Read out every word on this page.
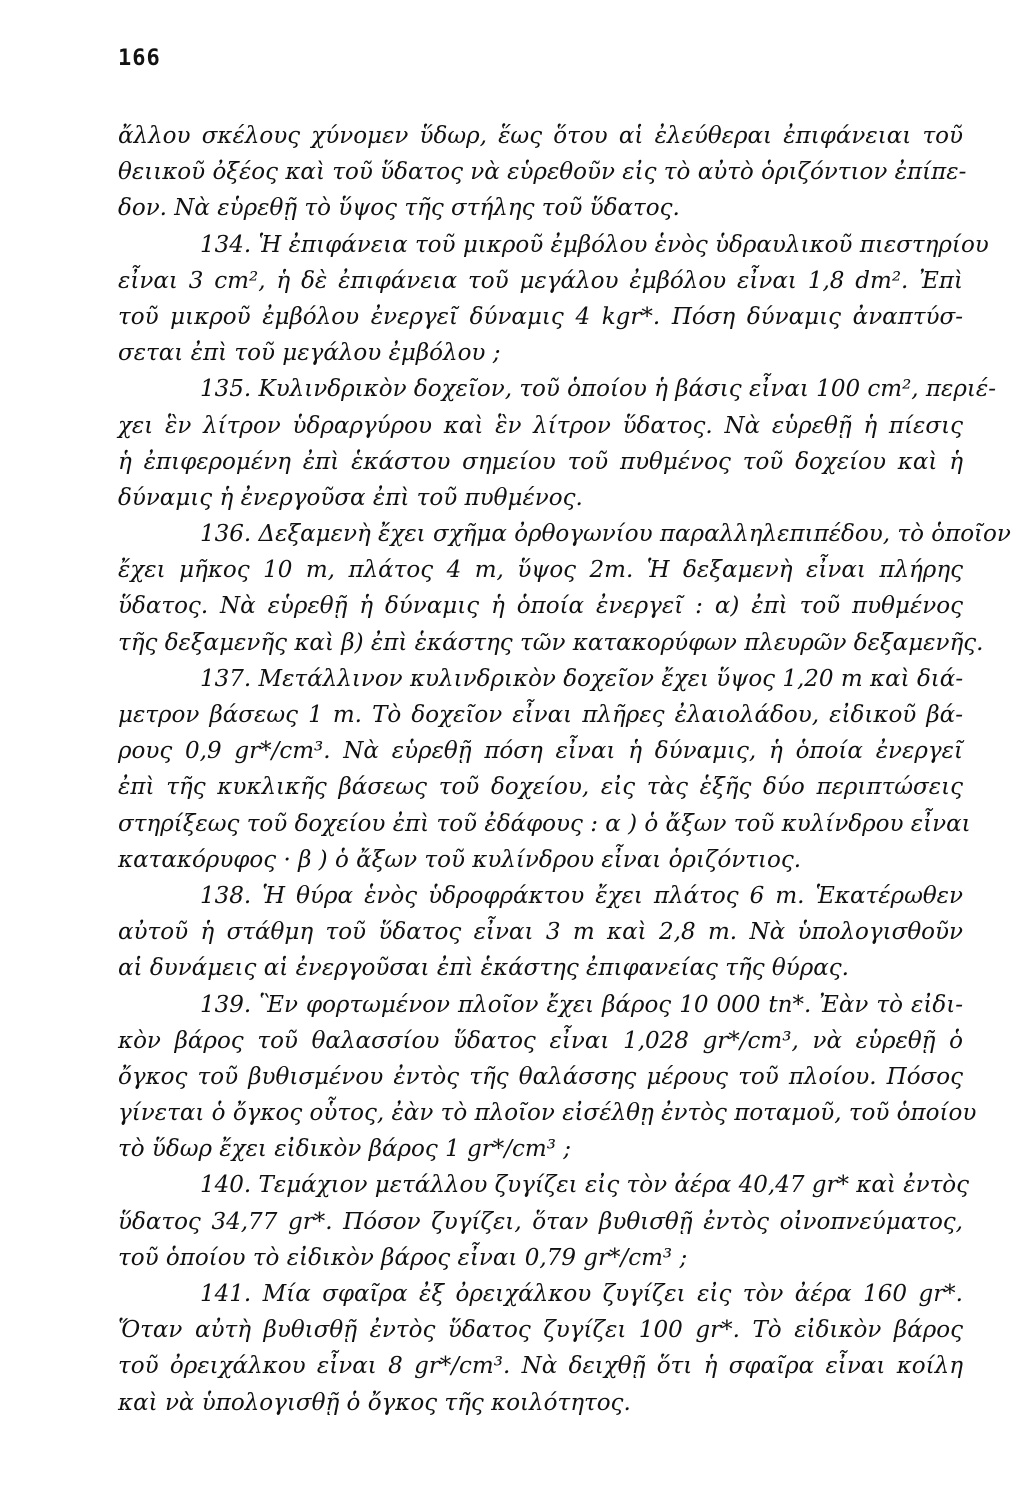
166
ἄλλου σκέλους χύνομεν ὕδωρ, ἕως ὅτου αἱ ἐλεύθεραι ἐπιφάνειαι τοῦ
θειικοῦ ὀξέος καὶ τοῦ ὕδατος νὰ εὑρεθοῦν εἰς τὸ αὐτὸ ὁριζόντιον ἐπίπε-
δον. Νὰ εὑρεθῇ τὸ ὕψος τῆς στήλης τοῦ ὕδατος.
134. Ἡ ἐπιφάνεια τοῦ μικροῦ ἐμβόλου ἑνὸς ὑδραυλικοῦ πιεστηρίου
εἶναι 3 cm², ἡ δὲ ἐπιφάνεια τοῦ μεγάλου ἐμβόλου εἶναι 1,8 dm². Ἐπὶ
τοῦ μικροῦ ἐμβόλου ἐνεργεῖ δύναμις 4 kgr*. Πόση δύναμις ἀναπτύσ-
σεται ἐπὶ τοῦ μεγάλου ἐμβόλου ;
135. Κυλινδρικὸν δοχεῖον, τοῦ ὁποίου ἡ βάσις εἶναι 100 cm², περιέ-
χει ἓν λίτρον ὑδραργύρου καὶ ἓν λίτρον ὕδατος. Νὰ εὑρεθῇ ἡ πίεσις
ἡ ἐπιφερομένη ἐπὶ ἑκάστου σημείου τοῦ πυθμένος τοῦ δοχείου καὶ ἡ
δύναμις ἡ ἐνεργοῦσα ἐπὶ τοῦ πυθμένος.
136. Δεξαμενὴ ἔχει σχῆμα ὀρθογωνίου παραλληλεπιπέδου, τὸ ὁποῖον
ἔχει μῆκος 10 m, πλάτος 4 m, ὕψος 2m. Ἡ δεξαμενὴ εἶναι πλήρης
ὕδατος. Νὰ εὑρεθῇ ἡ δύναμις ἡ ὁποία ἐνεργεῖ : α) ἐπὶ τοῦ πυθμένος
τῆς δεξαμενῆς καὶ β) ἐπὶ ἑκάστης τῶν κατακορύφων πλευρῶν δεξαμενῆς.
137. Μετάλλινον κυλινδρικὸν δοχεῖον ἔχει ὕψος 1,20 m καὶ διά-
μετρον βάσεως 1 m. Τὸ δοχεῖον εἶναι πλῆρες ἐλαιολάδου, εἰδικοῦ βά-
ρους 0,9 gr*/cm³. Νὰ εὑρεθῇ πόση εἶναι ἡ δύναμις, ἡ ὁποία ἐνεργεῖ
ἐπὶ τῆς κυκλικῆς βάσεως τοῦ δοχείου, εἰς τὰς ἑξῆς δύο περιπτώσεις
στηρίξεως τοῦ δοχείου ἐπὶ τοῦ ἐδάφους : α ) ὁ ἄξων τοῦ κυλίνδρου εἶναι
κατακόρυφος · β ) ὁ ἄξων τοῦ κυλίνδρου εἶναι ὁριζόντιος.
138. Ἡ θύρα ἑνὸς ὑδροφράκτου ἔχει πλάτος 6 m. Ἑκατέρωθεν
αὐτοῦ ἡ στάθμη τοῦ ὕδατος εἶναι 3 m καὶ 2,8 m. Νὰ ὑπολογισθοῦν
αἱ δυνάμεις αἱ ἐνεργοῦσαι ἐπὶ ἑκάστης ἐπιφανείας τῆς θύρας.
139. Ἓν φορτωμένον πλοῖον ἔχει βάρος 10 000 tn*. Ἐὰν τὸ εἰδι-
κὸν βάρος τοῦ θαλασσίου ὕδατος εἶναι 1,028 gr*/cm³, νὰ εὑρεθῇ ὁ
ὄγκος τοῦ βυθισμένου ἐντὸς τῆς θαλάσσης μέρους τοῦ πλοίου. Πόσος
γίνεται ὁ ὄγκος οὗτος, ἐὰν τὸ πλοῖον εἰσέλθῃ ἐντὸς ποταμοῦ, τοῦ ὁποίου
τὸ ὕδωρ ἔχει εἰδικὸν βάρος 1 gr*/cm³ ;
140. Τεμάχιον μετάλλου ζυγίζει εἰς τὸν ἀέρα 40,47 gr* καὶ ἐντὸς
ὕδατος 34,77 gr*. Πόσον ζυγίζει, ὅταν βυθισθῇ ἐντὸς οἰνοπνεύματος,
τοῦ ὁποίου τὸ εἰδικὸν βάρος εἶναι 0,79 gr*/cm³ ;
141. Μία σφαῖρα ἐξ ὀρειχάλκου ζυγίζει εἰς τὸν ἀέρα 160 gr*.
Ὅταν αὐτὴ βυθισθῇ ἐντὸς ὕδατος ζυγίζει 100 gr*. Τὸ εἰδικὸν βάρος
τοῦ ὀρειχάλκου εἶναι 8 gr*/cm³. Νὰ δειχθῇ ὅτι ἡ σφαῖρα εἶναι κοίλη
καὶ νὰ ὑπολογισθῇ ὁ ὄγκος τῆς κοιλότητος.
